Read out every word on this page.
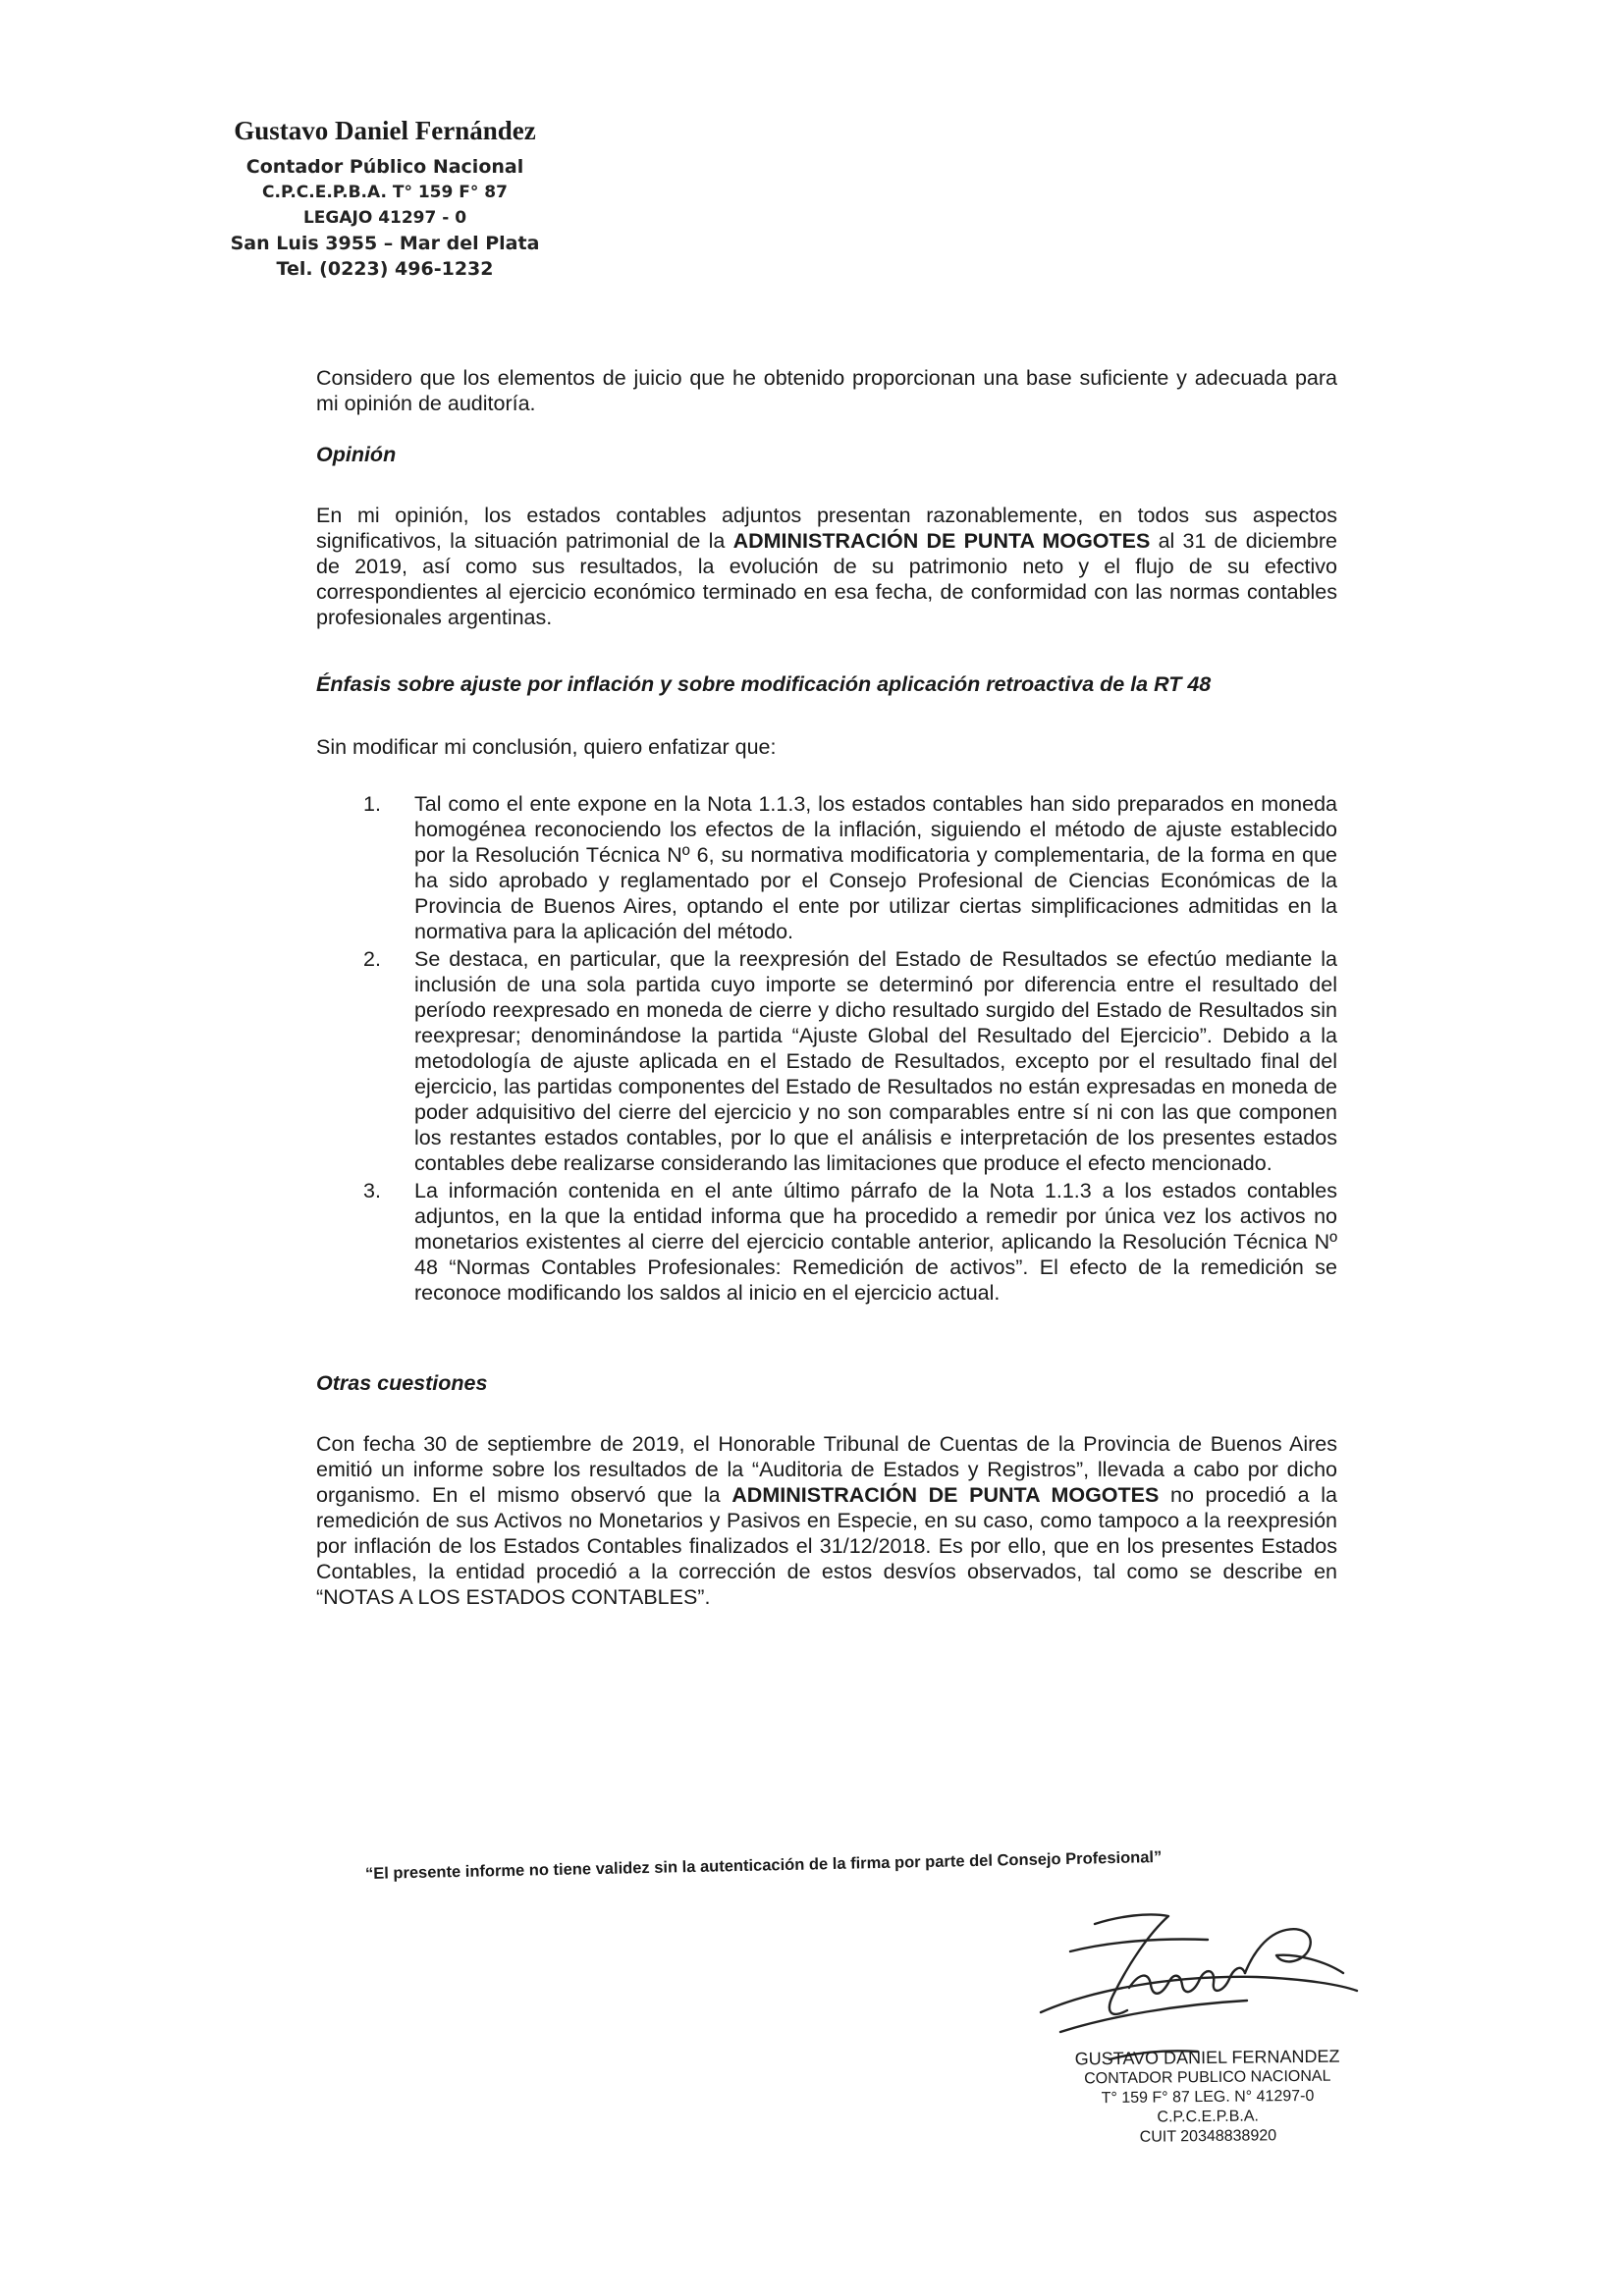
Gustavo Daniel Fernández
Contador Público Nacional
C.P.C.E.P.B.A. T° 159 F° 87
LEGAJO 41297 - 0
San Luis 3955 – Mar del Plata
Tel. (0223) 496-1232

Considero que los elementos de juicio que he obtenido proporcionan una base suficiente y adecuada para mi opinión de auditoría.

Opinión

En mi opinión, los estados contables adjuntos presentan razonablemente, en todos sus aspectos significativos, la situación patrimonial de la ADMINISTRACIÓN DE PUNTA MOGOTES al 31 de diciembre de 2019, así como sus resultados, la evolución de su patrimonio neto y el flujo de su efectivo correspondientes al ejercicio económico terminado en esa fecha, de conformidad con las normas contables profesionales argentinas.

Énfasis sobre ajuste por inflación y sobre modificación aplicación retroactiva de la RT 48

Sin modificar mi conclusión, quiero enfatizar que:

1. Tal como el ente expone en la Nota 1.1.3, los estados contables han sido preparados en moneda homogénea reconociendo los efectos de la inflación, siguiendo el método de ajuste establecido por la Resolución Técnica Nº 6, su normativa modificatoria y complementaria, de la forma en que ha sido aprobado y reglamentado por el Consejo Profesional de Ciencias Económicas de la Provincia de Buenos Aires, optando el ente por utilizar ciertas simplificaciones admitidas en la normativa para la aplicación del método.
2. Se destaca, en particular, que la reexpresión del Estado de Resultados se efectúo mediante la inclusión de una sola partida cuyo importe se determinó por diferencia entre el resultado del período reexpresado en moneda de cierre y dicho resultado surgido del Estado de Resultados sin reexpresar; denominándose la partida “Ajuste Global del Resultado del Ejercicio”. Debido a la metodología de ajuste aplicada en el Estado de Resultados, excepto por el resultado final del ejercicio, las partidas componentes del Estado de Resultados no están expresadas en moneda de poder adquisitivo del cierre del ejercicio y no son comparables entre sí ni con las que componen los restantes estados contables, por lo que el análisis e interpretación de los presentes estados contables debe realizarse considerando las limitaciones que produce el efecto mencionado.
3. La información contenida en el ante último párrafo de la Nota 1.1.3 a los estados contables adjuntos, en la que la entidad informa que ha procedido a remedir por única vez los activos no monetarios existentes al cierre del ejercicio contable anterior, aplicando la Resolución Técnica Nº 48 “Normas Contables Profesionales: Remedición de activos”. El efecto de la remedición se reconoce modificando los saldos al inicio en el ejercicio actual.
Otras cuestiones

Con fecha 30 de septiembre de 2019, el Honorable Tribunal de Cuentas de la Provincia de Buenos Aires emitió un informe sobre los resultados de la “Auditoria de Estados y Registros”, llevada a cabo por dicho organismo. En el mismo observó que la ADMINISTRACIÓN DE PUNTA MOGOTES no procedió a la remedición de sus Activos no Monetarios y Pasivos en Especie, en su caso, como tampoco a la reexpresión por inflación de los Estados Contables finalizados el 31/12/2018. Es por ello, que en los presentes Estados Contables, la entidad procedió a la corrección de estos desvíos observados, tal como se describe en “NOTAS A LOS ESTADOS CONTABLES”.

“El presente informe no tiene validez sin la autenticación de la firma por parte del Consejo Profesional”
GUSTAVO DANIEL FERNANDEZ
CONTADOR PUBLICO NACIONAL
T° 159 F° 87 LEG. N° 41297-0
C.P.C.E.P.B.A.
CUIT 20348838920
